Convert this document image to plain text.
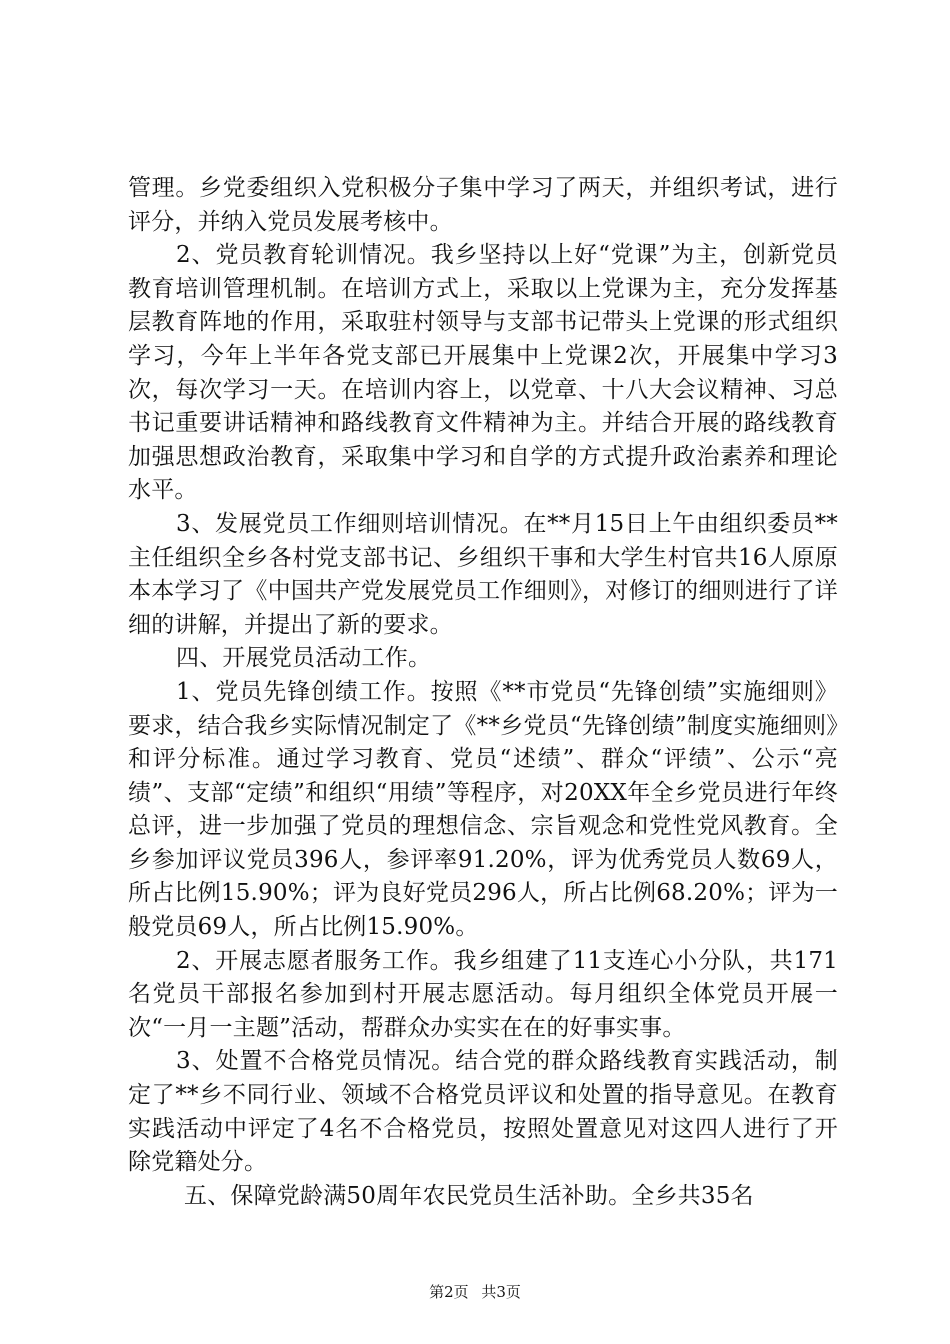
管理。乡党委组织入党积极分子集中学习了两天，并组织考试，进行评分，并纳入党员发展考核中。

2、党员教育轮训情况。我乡坚持以上好“党课”为主，创新党员教育培训管理机制。在培训方式上，采取以上党课为主，充分发挥基层教育阵地的作用，采取驻村领导与支部书记带头上党课的形式组织学习，今年上半年各党支部已开展集中上党课2次，开展集中学习3次，每次学习一天。在培训内容上，以党章、十八大会议精神、习总书记重要讲话精神和路线教育文件精神为主。并结合开展的路线教育加强思想政治教育，采取集中学习和自学的方式提升政治素养和理论水平。

3、发展党员工作细则培训情况。在**月15日上午由组织委员**主任组织全乡各村党支部书记、乡组织干事和大学生村官共16人原原本本学习了《中国共产党发展党员工作细则》，对修订的细则进行了详细的讲解，并提出了新的要求。

四、开展党员活动工作。

1、党员先锋创绩工作。按照《**市党员“先锋创绩”实施细则》要求，结合我乡实际情况制定了《**乡党员“先锋创绩”制度实施细则》和评分标准。通过学习教育、党员“述绩”、群众“评绩”、公示“亮绩”、支部“定绩”和组织“用绩”等程序，对20XX年全乡党员进行年终总评，进一步加强了党员的理想信念、宗旨观念和党性党风教育。全乡参加评议党员396人，参评率91.20%，评为优秀党员人数69人，所占比例15.90%；评为良好党员296人，所占比例68.20%；评为一般党员69人，所占比例15.90%。

2、开展志愿者服务工作。我乡组建了11支连心小分队，共171名党员干部报名参加到村开展志愿活动。每月组织全体党员开展一次“一月一主题”活动，帮群众办实实在在的好事实事。

3、处置不合格党员情况。结合党的群众路线教育实践活动，制定了**乡不同行业、领域不合格党员评议和处置的指导意见。在教育实践活动中评定了4名不合格党员，按照处置意见对这四人进行了开除党籍处分。

五、保障党龄满50周年农民党员生活补助。全乡共35名

第2页 共3页
